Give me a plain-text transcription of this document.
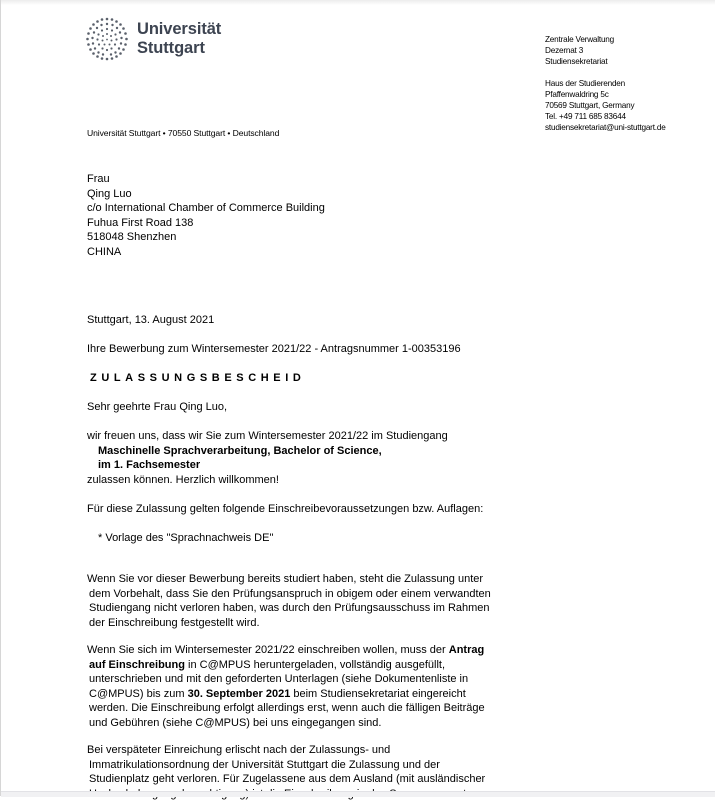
Universität Stuttgart	Zentrale Verwaltung
Dezernat 3
Studiensekretariat
Haus der Studierenden
Pfaffenwaldring 5c
70569 Stuttgart, Germany
Tel. +49 711 685 83644
studiensekretariat@uni-stuttgart.de
Universität Stuttgart • 70550 Stuttgart • Deutschland
Frau
Qing Luo
c/o International Chamber of Commerce Building
Fuhua First Road 138
518048 Shenzhen
CHINA
Stuttgart, 13. August 2021
Ihre Bewerbung zum Wintersemester 2021/22 - Antragsnummer 1-00353196
ZULASSUNGSBESCHEID
Sehr geehrte Frau Qing Luo,
wir freuen uns, dass wir Sie zum Wintersemester 2021/22 im Studiengang
Maschinelle Sprachverarbeitung, Bachelor of Science,
im 1. Fachsemester
zulassen können. Herzlich willkommen!
Für diese Zulassung gelten folgende Einschreibevoraussetzungen bzw. Auflagen:
* Vorlage des "Sprachnachweis DE"
Wenn Sie vor dieser Bewerbung bereits studiert haben, steht die Zulassung unter
dem Vorbehalt, dass Sie den Prüfungsanspruch in obigem oder einem verwandten
Studiengang nicht verloren haben, was durch den Prüfungsausschuss im Rahmen
der Einschreibung festgestellt wird.
Wenn Sie sich im Wintersemester 2021/22 einschreiben wollen, muss der Antrag
auf Einschreibung in C@MPUS heruntergeladen, vollständig ausgefüllt,
unterschrieben und mit den geforderten Unterlagen (siehe Dokumentenliste in
C@MPUS) bis zum 30. September 2021 beim Studiensekretariat eingereicht
werden. Die Einschreibung erfolgt allerdings erst, wenn auch die fälligen Beiträge
und Gebühren (siehe C@MPUS) bei uns eingegangen sind.
Bei verspäteter Einreichung erlischt nach der Zulassungs- und
Immatrikulationsordnung der Universität Stuttgart die Zulassung und der
Studienplatz geht verloren. Für Zugelassene aus dem Ausland (mit ausländischer
